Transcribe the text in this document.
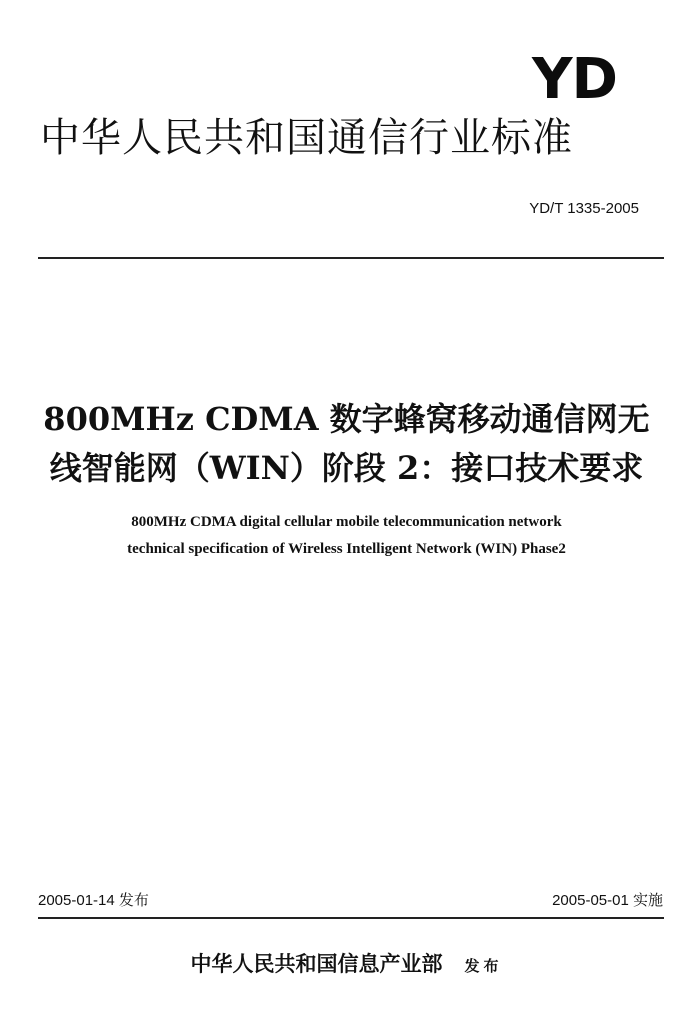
YD
中华人民共和国通信行业标准
YD/T 1335-2005
800MHz CDMA 数字蜂窝移动通信网无
线智能网（WIN）阶段 2：接口技术要求
800MHz CDMA digital cellular mobile telecommunication network
technical specification of Wireless Intelligent Network (WIN) Phase2
2005-01-14 发布	2005-05-01 实施
中华人民共和国信息产业部 发布
